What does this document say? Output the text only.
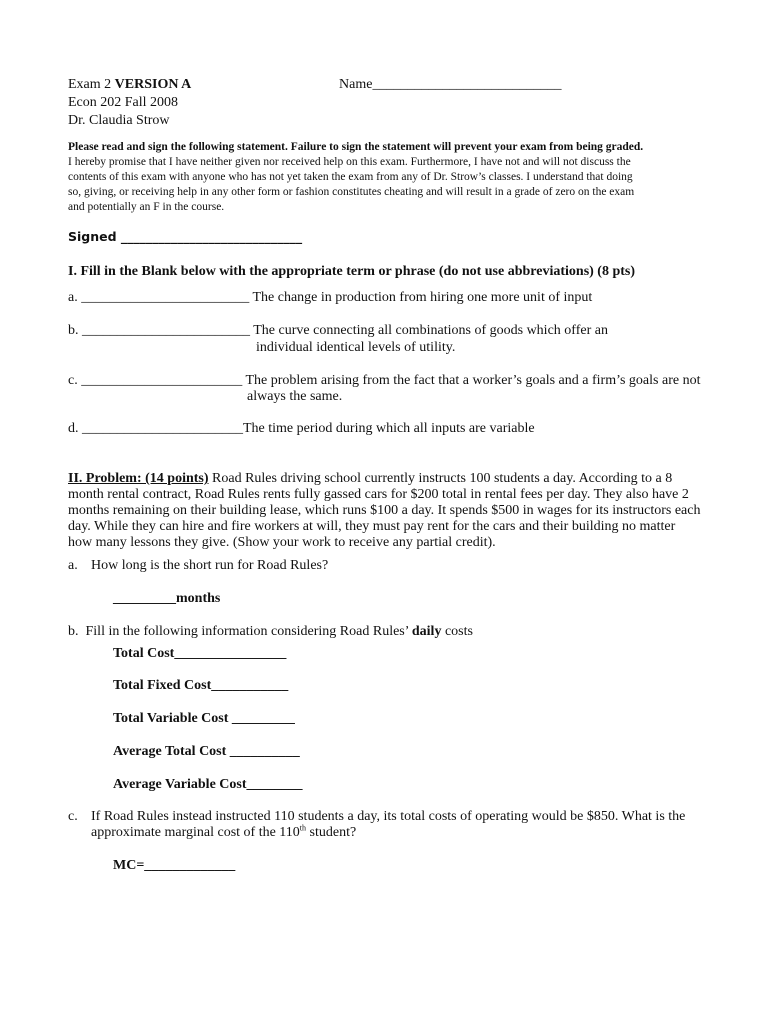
Exam 2 VERSION A	Name___________________________
Econ 202 Fall 2008
Dr. Claudia Strow
Please read and sign the following statement. Failure to sign the statement will prevent your exam from being graded.
I hereby promise that I have neither given nor received help on this exam. Furthermore, I have not and will not discuss the
contents of this exam with anyone who has not yet taken the exam from any of Dr. Strow’s classes. I understand that doing
so, giving, or receiving help in any other form or fashion constitutes cheating and will result in a grade of zero on the exam
and potentially an F in the course.
Signed _____________________________
I. Fill in the Blank below with the appropriate term or phrase (do not use abbreviations) (8 pts)
a. ________________________ The change in production from hiring one more unit of input
b. ________________________ The curve connecting all combinations of goods which offer an
individual identical levels of utility.
c. _______________________ The problem arising from the fact that a worker’s goals and a firm’s goals are not
always the same.
d. _______________________The time period during which all inputs are variable
II. Problem: (14 points) Road Rules driving school currently instructs 100 students a day. According to a 8
month rental contract, Road Rules rents fully gassed cars for $200 total in rental fees per day. They also have 2
months remaining on their building lease, which runs $100 a day. It spends $500 in wages for its instructors each
day. While they can hire and fire workers at will, they must pay rent for the cars and their building no matter
how many lessons they give. (Show your work to receive any partial credit).
a. How long is the short run for Road Rules?
_________months
b. Fill in the following information considering Road Rules’ daily costs
Total Cost________________
Total Fixed Cost___________
Total Variable Cost _________
Average Total Cost __________
Average Variable Cost________
c. If Road Rules instead instructed 110 students a day, its total costs of operating would be $850. What is the
approximate marginal cost of the 110th student?
MC=_____________
